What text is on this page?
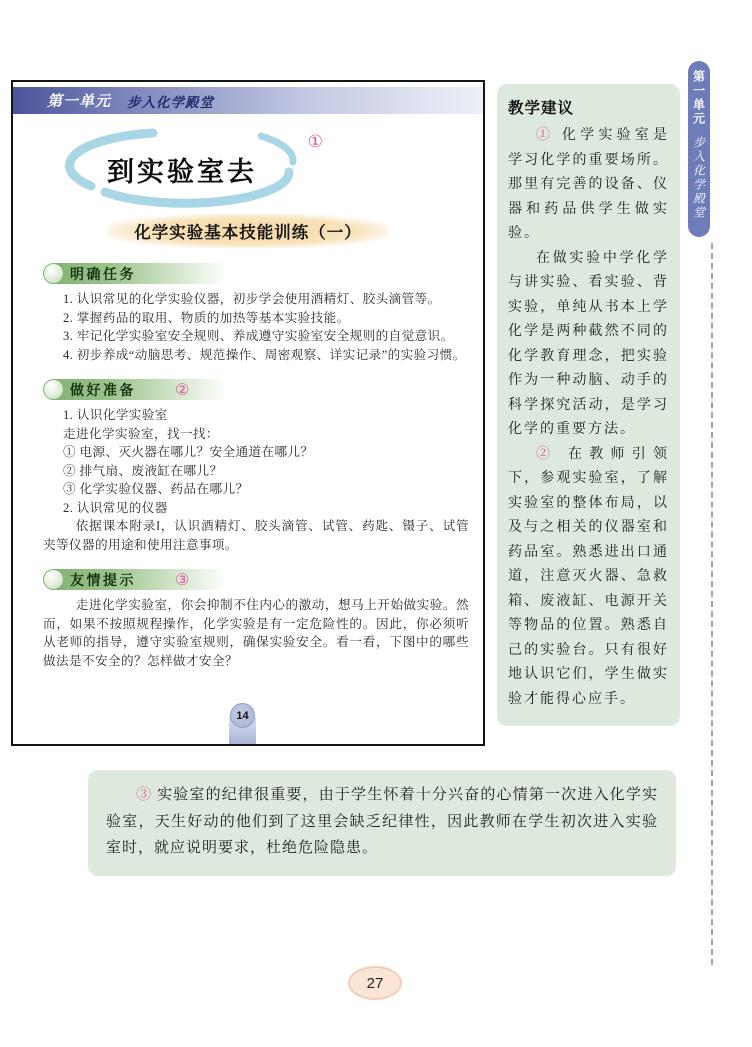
第一单元 步入化学殿堂
到实验室去
①
化学实验基本技能训练（一）
明确任务
1. 认识常见的化学实验仪器，初步学会使用酒精灯、胶头滴管等。
2. 掌握药品的取用、物质的加热等基本实验技能。
3. 牢记化学实验室安全规则、养成遵守实验室安全规则的自觉意识。
4. 初步养成“动脑思考、规范操作、周密观察、详实记录”的实验习惯。
做好准备 ②
1. 认识化学实验室
走进化学实验室，找一找：
① 电源、灭火器在哪儿？安全通道在哪儿？
② 排气扇、废液缸在哪儿？
③ 化学实验仪器、药品在哪儿？
2. 认识常见的仪器

依据课本附录Ⅰ，认识酒精灯、胶头滴管、试管、药匙、镊子、试管夹等仪器的用途和使用注意事项。

友情提示 ③

走进化学实验室，你会抑制不住内心的激动，想马上开始做实验。然而，如果不按照规程操作，化学实验是有一定危险性的。因此，你必须听从老师的指导，遵守实验室规则，确保实验安全。看一看，下图中的哪些做法是不安全的？怎样做才安全？

14
教学建议

① 化学实验室是学习化学的重要场所。那里有完善的设备、仪器和药品供学生做实验。

在做实验中学化学与讲实验、看实验、背实验，单纯从书本上学化学是两种截然不同的化学教育理念，把实验作为一种动脑、动手的科学探究活动，是学习化学的重要方法。

② 在教师引领下，参观实验室，了解实验室的整体布局，以及与之相关的仪器室和药品室。熟悉进出口通道，注意灭火器、急救箱、废液缸、电源开关等物品的位置。熟悉自己的实验台。只有很好地认识它们，学生做实验才能得心应手。

第一单元
步入化学殿堂

③ 实验室的纪律很重要，由于学生怀着十分兴奋的心情第一次进入化学实验室，天生好动的他们到了这里会缺乏纪律性，因此教师在学生初次进入实验室时，就应说明要求，杜绝危险隐患。

27
